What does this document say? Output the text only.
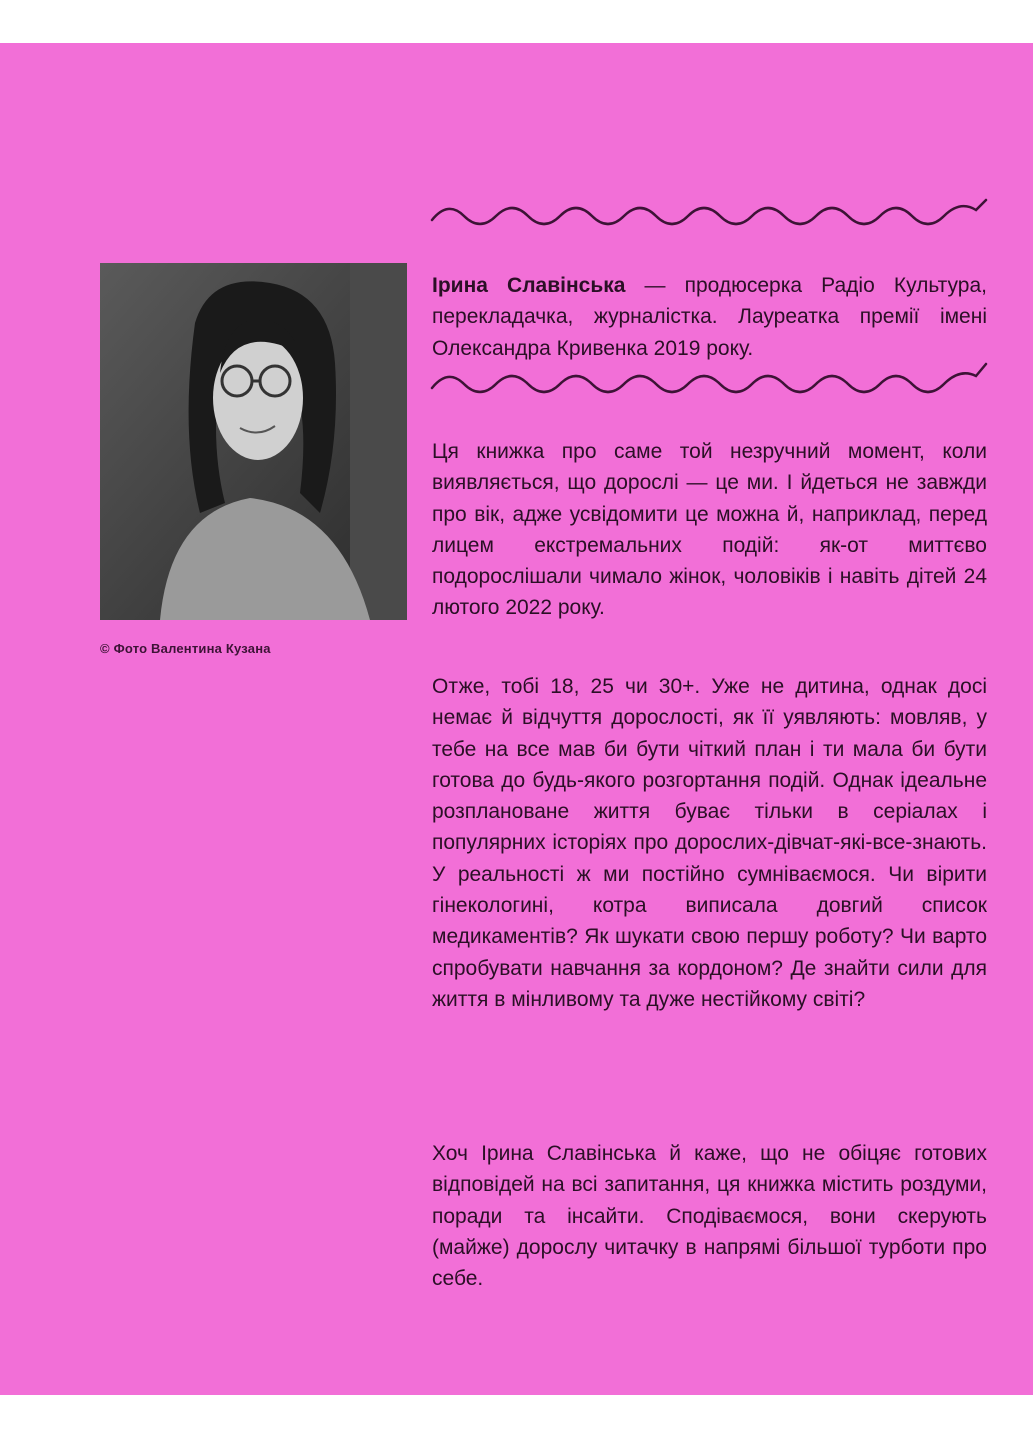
© Фото Валентина Кузана

Ірина Славінська — продюсерка Радіо Культура, перекладачка, журналістка. Лауреатка премії імені Олександра Кривенка 2019 року.

Ця книжка про саме той незручний момент, коли виявляється, що дорослі — це ми. І йдеться не завжди про вік, адже усвідомити це можна й, наприклад, перед лицем екстремальних подій: як-от миттєво подорослішали чимало жінок, чоловіків і навіть дітей 24 лютого 2022 року.

Отже, тобі 18, 25 чи 30+. Уже не дитина, однак досі немає й відчуття дорослості, як її уявляють: мовляв, у тебе на все мав би бути чіткий план і ти мала би бути готова до будь-якого розгортання подій. Однак ідеальне розплановане життя буває тільки в серіалах і популярних історіях про дорослих-дівчат-які-все-знають. У реальності ж ми постійно сумніваємося. Чи вірити гінекологині, котра виписала довгий список медикаментів? Як шукати свою першу роботу? Чи варто спробувати навчання за кордоном? Де знайти сили для життя в мінливому та дуже нестійкому світі?

Хоч Ірина Славінська й каже, що не обіцяє готових відповідей на всі запитання, ця книжка містить роздуми, поради та інсайти. Сподіваємося, вони скерують (майже) дорослу читачку в напрямі більшої турботи про себе.
